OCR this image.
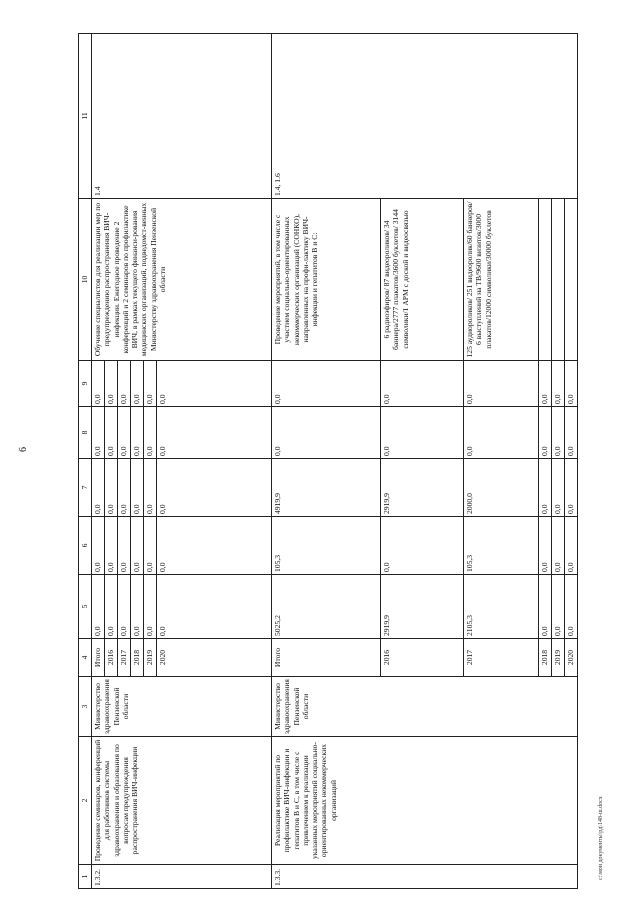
6
1	2	3	4	5	6	7	8	9	10	11
1.3.2.	Проведение семинаров, конференций для работников системы здравоохранения и образования по вопросам предупреждения распространения ВИЧ-инфекции	Министерство здравоохранения Пензенской области	Итого	0,0	0,0	0,0	0,0	0,0	Обучение специалистов для реализации мер по предупреждению распространения ВИЧ-инфекции. Ежегодное проведение 2 конференций и 2 семинаров по профилактике ВИЧ, в рамках текущего финанси-рования медицинских организаций, подведомст-венных Министерству здравоохранения Пензенской области	1.4
			2016	0,0	0,0	0,0	0,0	0,0		
			2017	0,0	0,0	0,0	0,0	0,0		
			2018	0,0	0,0	0,0	0,0	0,0		
			2019	0,0	0,0	0,0	0,0	0,0		
			2020	0,0	0,0	0,0	0,0	0,0		
1.3.3.	Реализация мероприятий по профилактике ВИЧ-инфекции и гепатитов В и С, в том числе с привлечением к реализации указанных мероприятий социально-ориентированных некоммерческих организаций	Министерство здравоохранения Пензенской области	Итого	5025,2	105,3	4919,9	0,0	0,0	Проведение мероприятий, в том числе с участием социально-ориентированных некоммерческих организаций (СОНКО), направленных на профи-лактику ВИЧ-инфекции и гепатитов В и С:	1.4, 1.6
			2016	2919,9	0,0	2919,9	0,0	0,0	6 радиоэфиров/ 87 видеороликов/ 34 баннера/2777 плакатов/3600 буклетов/ 3144 символики/1 АРМ с доской и видеосвязью	
			2017	2105,3	105,3	2000,0	0,0	0,0	125 аудиороликов/ 251 видеоролик/60 баннеров/ 6 выступлений на ТВ/9600 визиток/3000 плакатов/12000 символики/30000 буклетов	
			2018	0,0	0,0	0,0	0,0	0,0		
			2019	0,0	0,0	0,0	0,0	0,0		
			2020	0,0	0,0	0,0	0,0	0,0		
c:\мои документы\рд\148-ш.docx
